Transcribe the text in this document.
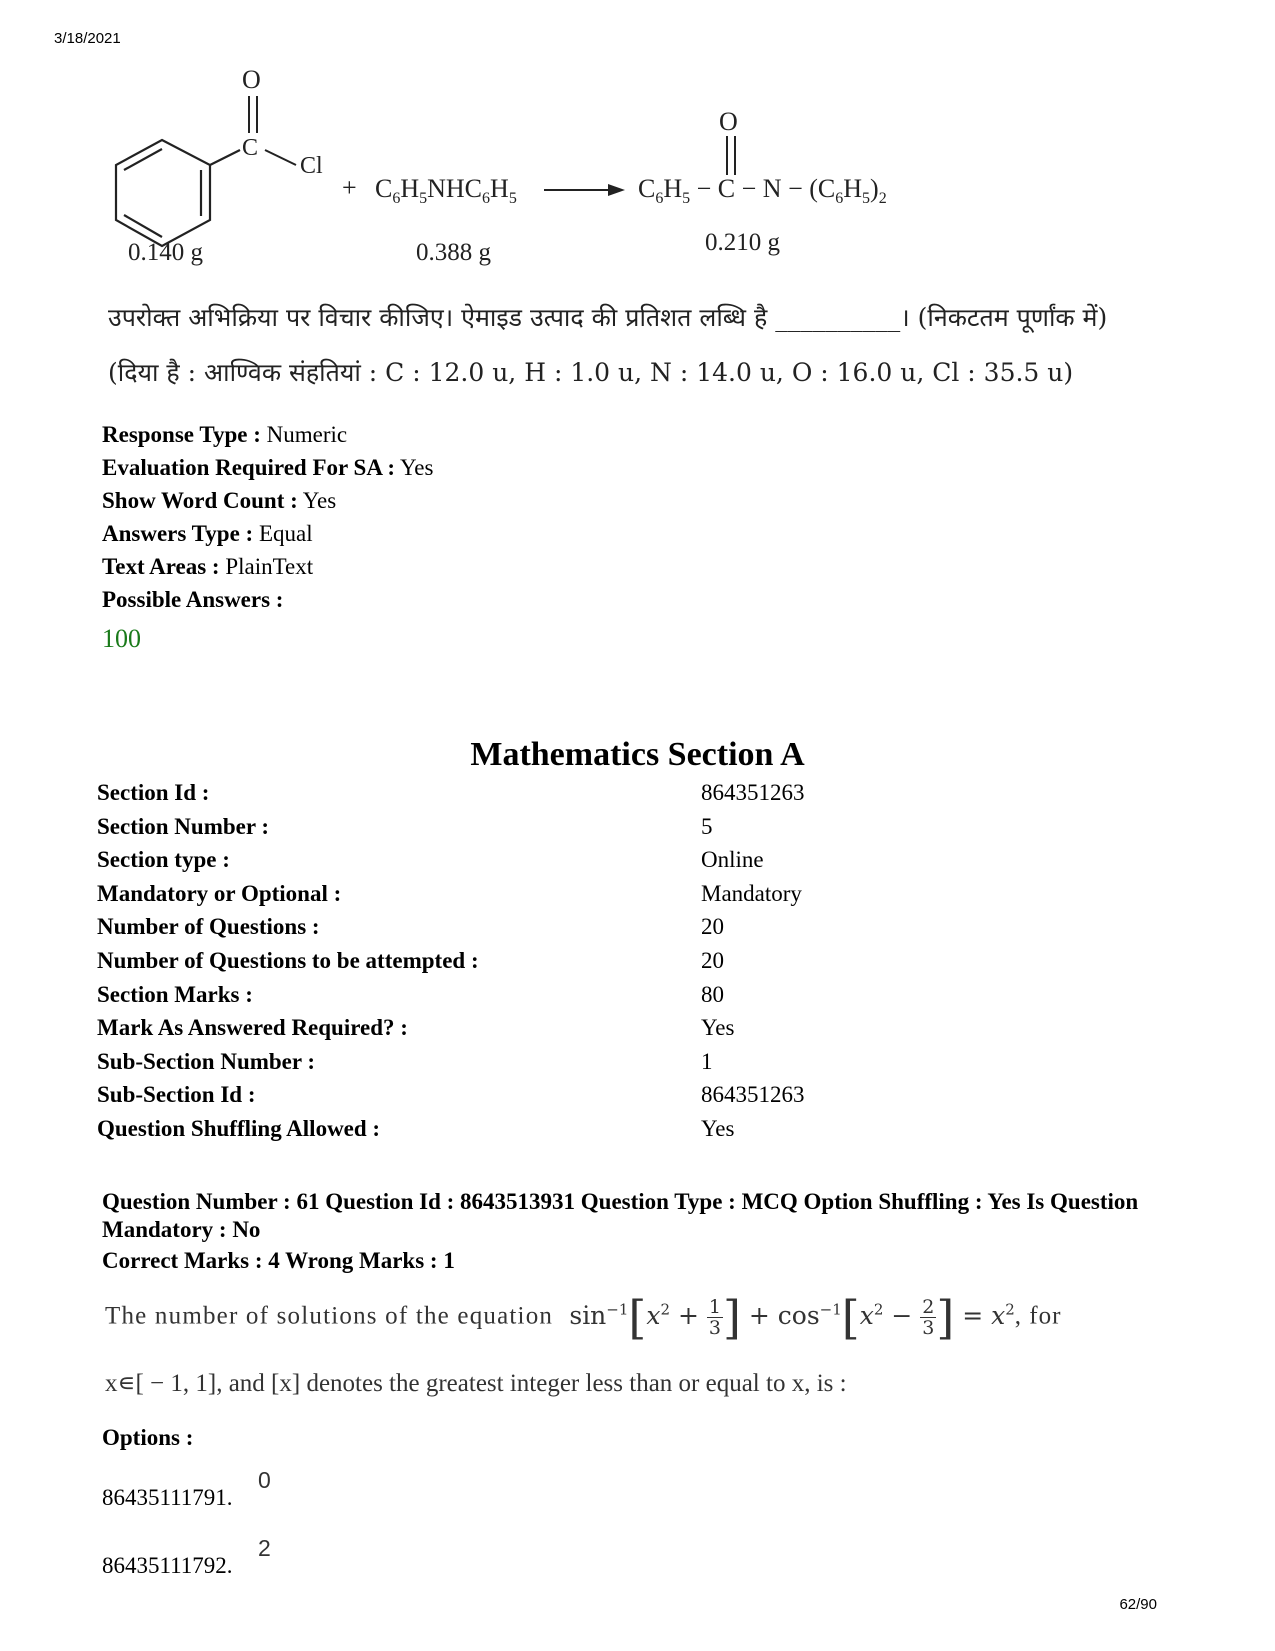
3/18/2021
O
C
Cl
+ $C_6H_5NHC_6H_5$
O
$C_6H_5 - C - N - (C_6H_5)_2$
0.140 g	0.388 g	0.210 g
उपरोक्त अभिक्रिया पर विचार कीजिए। ऐमाइड उत्पाद की प्रतिशत लब्धि है __________। (निकटतम पूर्णांक में)
(दिया है : आण्विक संहतियां : C : 12.0 u, H : 1.0 u, N : 14.0 u, O : 16.0 u, Cl : 35.5 u)
Response Type : Numeric
Evaluation Required For SA : Yes
Show Word Count : Yes
Answers Type : Equal
Text Areas : PlainText
Possible Answers :
100
Mathematics Section A
Section Id :	864351263
Section Number :	5
Section type :	Online
Mandatory or Optional :	Mandatory
Number of Questions :	20
Number of Questions to be attempted :	20
Section Marks :	80
Mark As Answered Required? :	Yes
Sub-Section Number :	1
Sub-Section Id :	864351263
Question Shuffling Allowed :	Yes
Question Number : 61 Question Id : 8643513931 Question Type : MCQ Option Shuffling : Yes Is Question Mandatory : No
Correct Marks : 4 Wrong Marks : 1
The number of solutions of the equation $\sin^{-1}[x^2 + \frac{1}{3}$ ] + $\cos^{-1}[x^2 - \frac{2}{3}$ ] = $x^2$, for
x∊[ − 1, 1], and [x] denotes the greatest integer less than or equal to x, is :
Options :
86435111791.
0
86435111792.
2
62/90
